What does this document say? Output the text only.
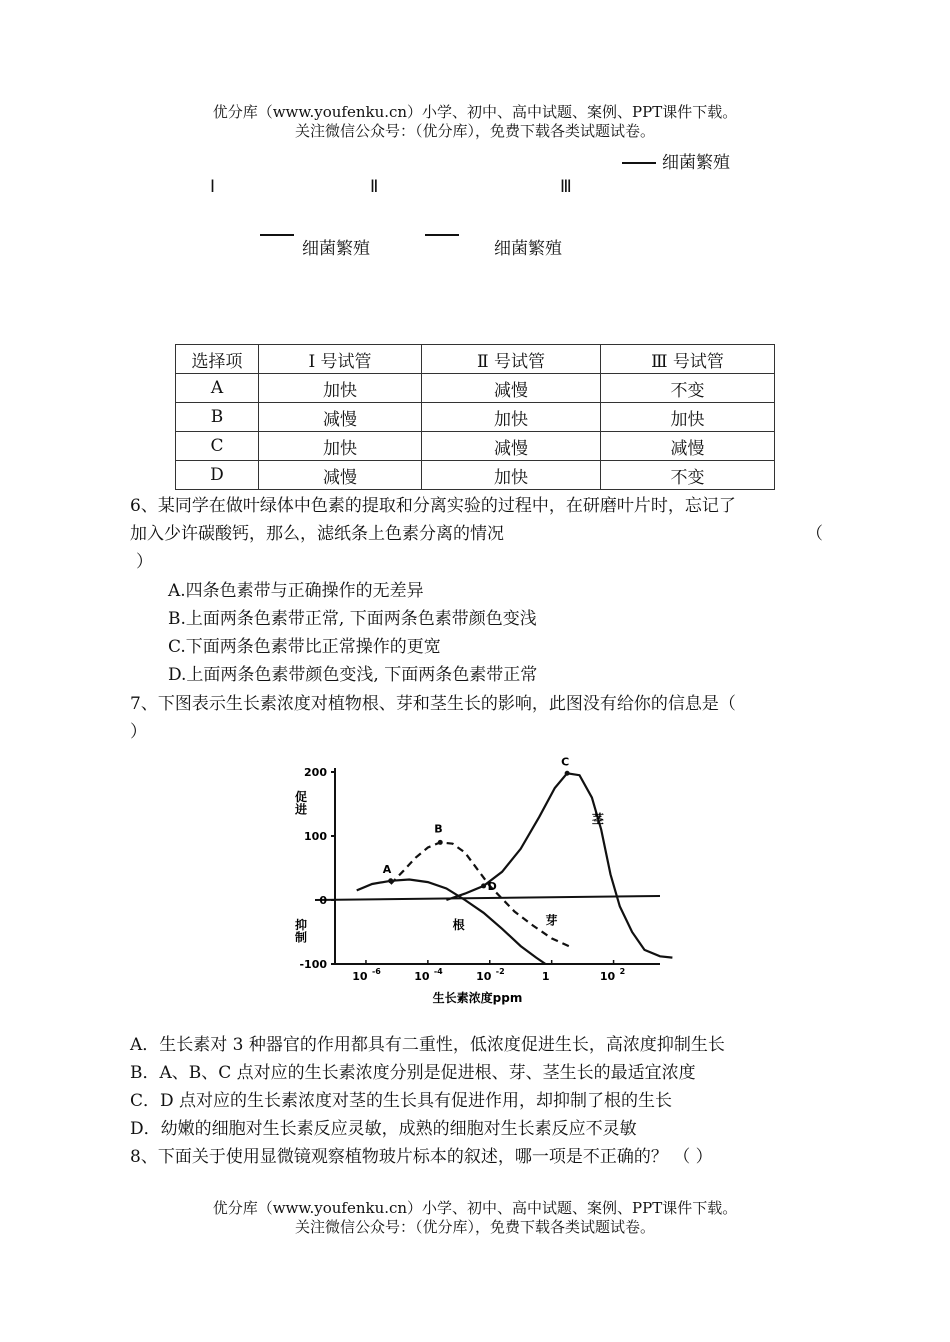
优分库（www.youfenku.cn）小学、初中、高中试题、案例、PPT课件下载。
关注微信公众号：（优分库），免费下载各类试题试卷。
细菌繁殖
Ⅰ	Ⅱ	Ⅲ
细菌繁殖	细菌繁殖
选择项	Ⅰ 号试管	Ⅱ 号试管	Ⅲ 号试管
A	加快	减慢	不变
B	减慢	加快	加快
C	加快	减慢	减慢
D	减慢	加快	不变
6、某同学在做叶绿体中色素的提取和分离实验的过程中，在研磨叶片时，忘记了
加入少许碳酸钙，那么，滤纸条上色素分离的情况	（
）
A.四条色素带与正确操作的无差异
B.上面两条色素带正常, 下面两条色素带颜色变浅
C.下面两条色素带比正常操作的更宽
D.上面两条色素带颜色变浅, 下面两条色素带正常
7、下图表示生长素浓度对植物根、芽和茎生长的影响，此图没有给你的信息是（
）
200
100
0
-100
促
进
抑
制
10 -6	10 -4	10 -2	1	10 2
生长素浓度ppm
根	芽
茎
A
B
C
D
A．生长素对 3 种器官的作用都具有二重性，低浓度促进生长，高浓度抑制生长
B．A、B、C 点对应的生长素浓度分别是促进根、芽、茎生长的最适宜浓度
C．D 点对应的生长素浓度对茎的生长具有促进作用，却抑制了根的生长
D．幼嫩的细胞对生长素反应灵敏，成熟的细胞对生长素反应不灵敏
8、下面关于使用显微镜观察植物玻片标本的叙述，哪一项是不正确的？ （ ）
优分库（www.youfenku.cn）小学、初中、高中试题、案例、PPT课件下载。
关注微信公众号：（优分库），免费下载各类试题试卷。
